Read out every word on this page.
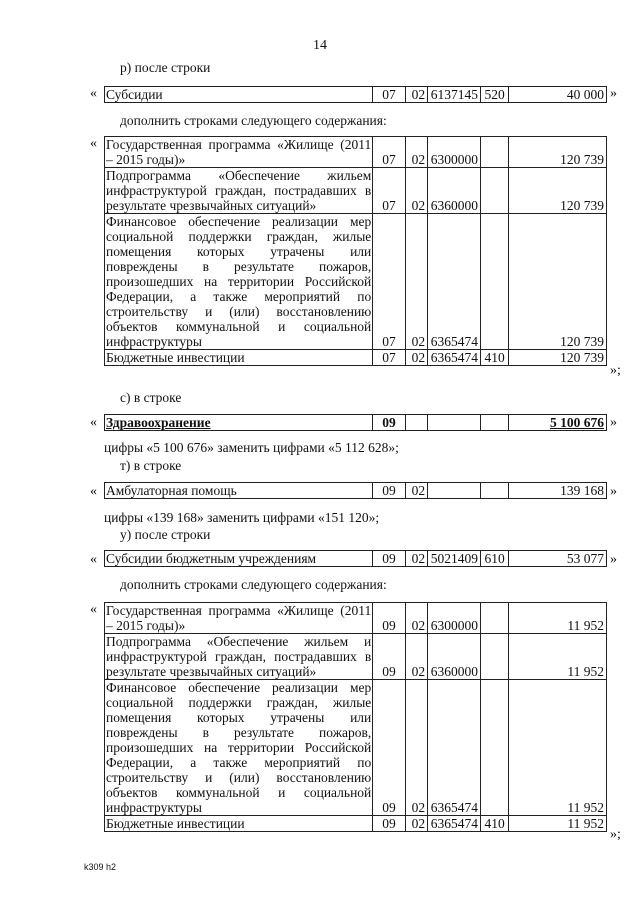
14
р) после строки
« Субсидии	07	02	6137145	520	40 000 »
дополнить строками следующего содержания:
« Государственная программа «Жилище (2011 – 2015 годы)»	07	02	6300000		120 739
Подпрограмма «Обеспечение жильем инфраструктурой граждан, пострадавших в результате чрезвычайных ситуаций»	07	02	6360000		120 739
Финансовое обеспечение реализации мер социальной поддержки граждан, жилые помещения которых утрачены или повреждены в результате пожаров, произошедших на территории Российской Федерации, а также мероприятий по строительству и (или) восстановлению объектов коммунальной и социальной инфраструктуры	07	02	6365474		120 739
Бюджетные инвестиции	07	02	6365474	410	120 739
»;
с) в строке
« Здравоохранение	09				5 100 676 »
цифры «5 100 676» заменить цифрами «5 112 628»;
т) в строке
« Амбулаторная помощь	09	02			139 168 »
цифры «139 168» заменить цифрами «151 120»;
у) после строки
« Субсидии бюджетным учреждениям	09	02	5021409	610	53 077 »
дополнить строками следующего содержания:
« Государственная программа «Жилище (2011 – 2015 годы)»	09	02	6300000		11 952
Подпрограмма «Обеспечение жильем и инфраструктурой граждан, пострадавших в результате чрезвычайных ситуаций»	09	02	6360000		11 952
Финансовое обеспечение реализации мер социальной поддержки граждан, жилые помещения которых утрачены или повреждены в результате пожаров, произошедших на территории Российской Федерации, а также мероприятий по строительству и (или) восстановлению объектов коммунальной и социальной инфраструктуры	09	02	6365474		11 952
Бюджетные инвестиции	09	02	6365474	410	11 952
»;
k309 h2
